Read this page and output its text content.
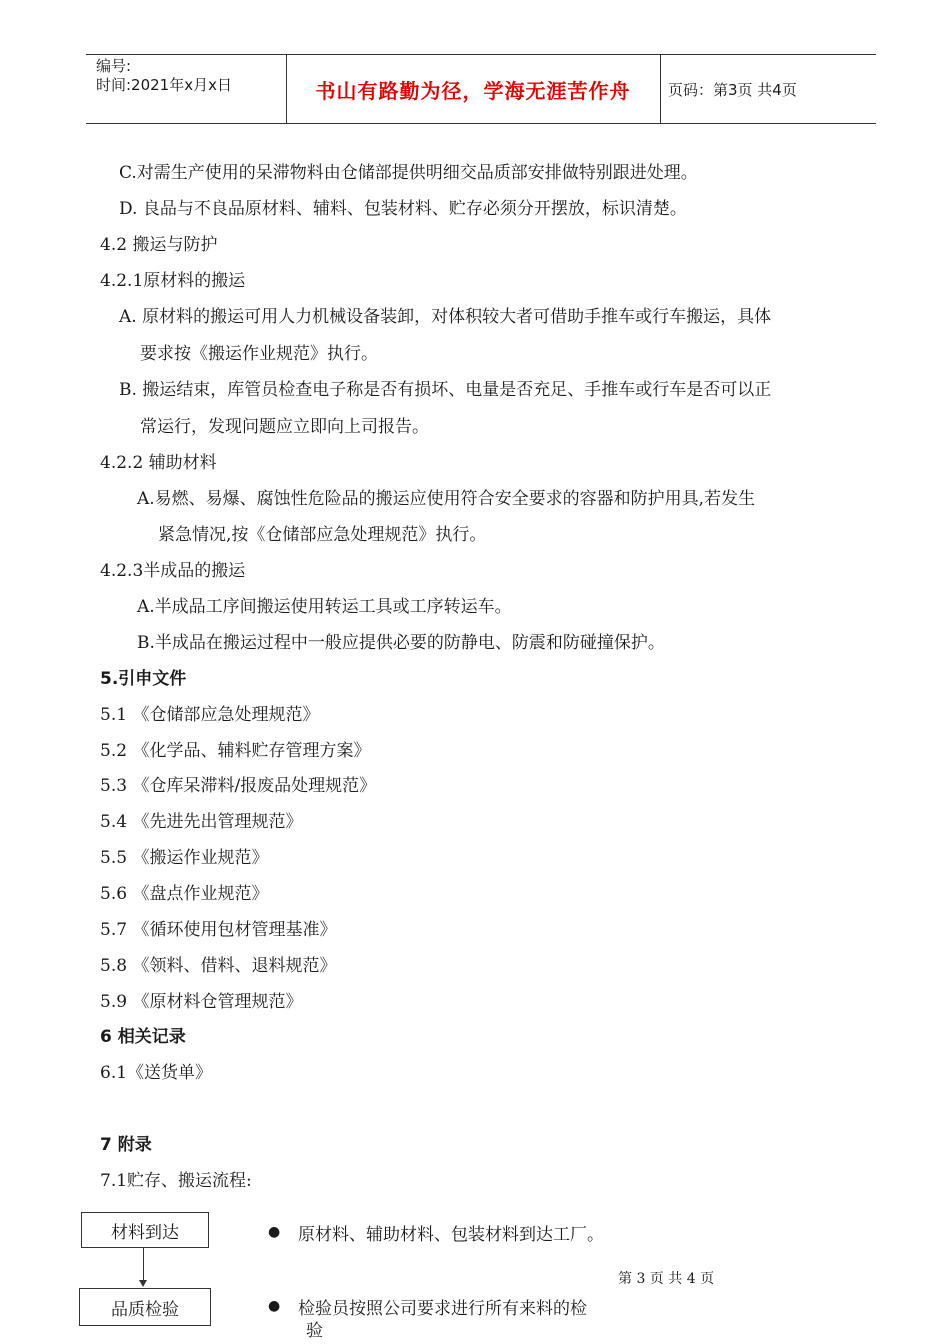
编号:
时间:2021年x月x日	书山有路勤为径，学海无涯苦作舟	页码：第3页 共4页
C.对需生产使用的呆滞物料由仓储部提供明细交品质部安排做特别跟进处理。
D. 良品与不良品原材料、辅料、包装材料、贮存必须分开摆放，标识清楚。
4.2 搬运与防护
4.2.1原材料的搬运
A. 原材料的搬运可用人力机械设备装卸，对体积较大者可借助手推车或行车搬运，具体
要求按《搬运作业规范》执行。
B. 搬运结束，库管员检查电子称是否有损坏、电量是否充足、手推车或行车是否可以正
常运行，发现问题应立即向上司报告。
4.2.2 辅助材料
A.易燃、易爆、腐蚀性危险品的搬运应使用符合安全要求的容器和防护用具,若发生
紧急情况,按《仓储部应急处理规范》执行。
4.2.3半成品的搬运
A.半成品工序间搬运使用转运工具或工序转运车。
B.半成品在搬运过程中一般应提供必要的防静电、防震和防碰撞保护。
5.引申文件
5.1 《仓储部应急处理规范》
5.2 《化学品、辅料贮存管理方案》
5.3 《仓库呆滞料/报废品处理规范》
5.4 《先进先出管理规范》
5.5 《搬运作业规范》
5.6 《盘点作业规范》
5.7 《循环使用包材管理基准》
5.8 《领料、借料、退料规范》
5.9 《原材料仓管理规范》
6 相关记录
6.1《送货单》
7 附录
7.1贮存、搬运流程:
材料到达
品质检验
● 原材料、辅助材料、包装材料到达工厂。
● 检验员按照公司要求进行所有来料的检
验
第 3 页 共 4 页
